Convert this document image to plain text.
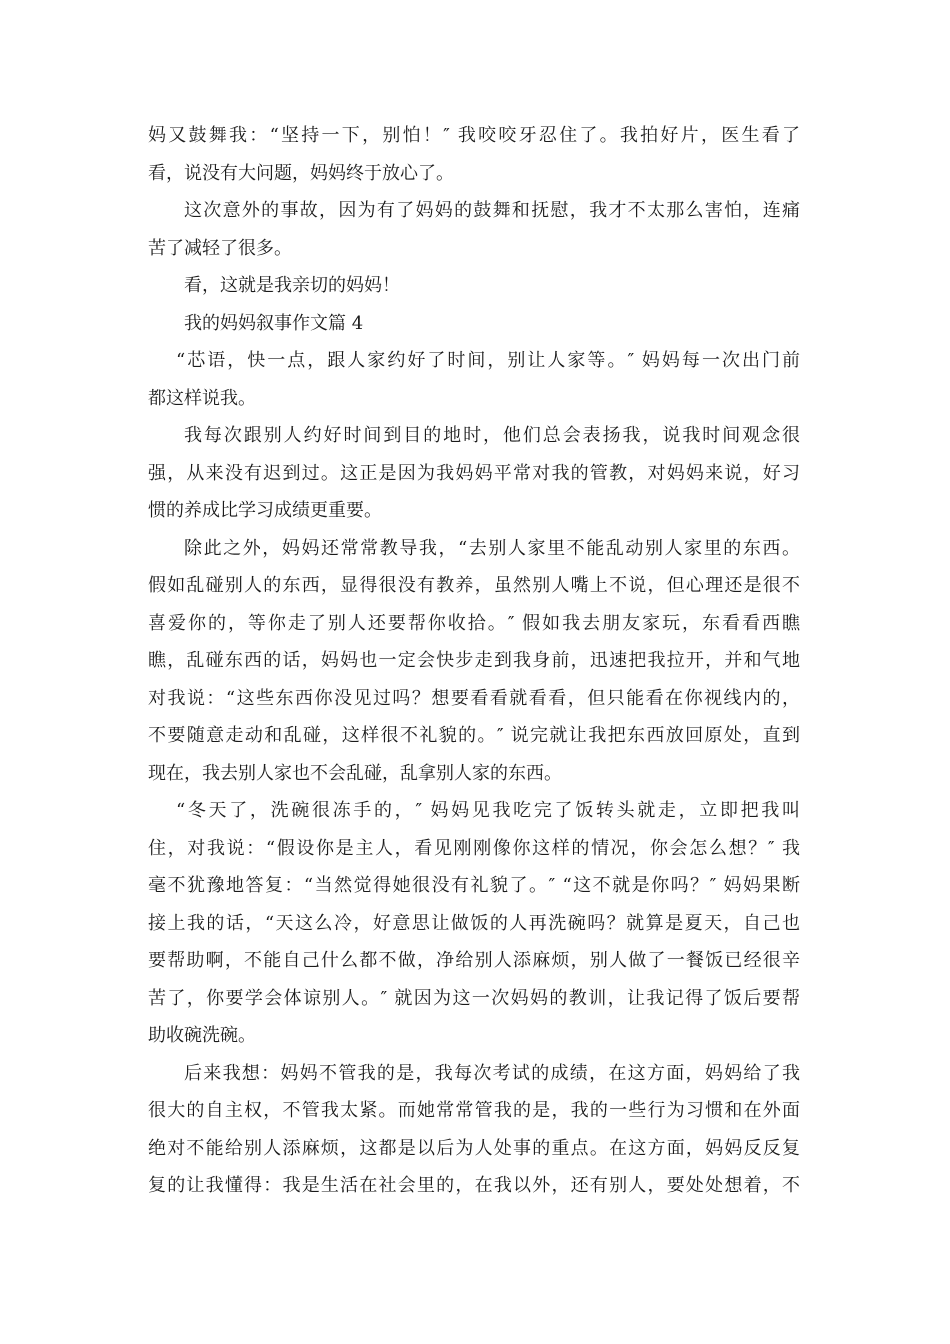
妈又鼓舞我：“坚持一下，别怕！″ 我咬咬牙忍住了。我拍好片，医生看了
看，说没有大问题，妈妈终于放心了。
这次意外的事故，因为有了妈妈的鼓舞和抚慰，我才不太那么害怕，连痛
苦了减轻了很多。
看，这就是我亲切的妈妈！
我的妈妈叙事作文篇 4
“芯语，快一点，跟人家约好了时间，别让人家等。″ 妈妈每一次出门前
都这样说我。
我每次跟别人约好时间到目的地时，他们总会表扬我，说我时间观念很
强，从来没有迟到过。这正是因为我妈妈平常对我的管教，对妈妈来说，好习
惯的养成比学习成绩更重要。
除此之外，妈妈还常常教导我，“去别人家里不能乱动别人家里的东西。
假如乱碰别人的东西，显得很没有教养，虽然别人嘴上不说，但心理还是很不
喜爱你的，等你走了别人还要帮你收拾。″ 假如我去朋友家玩，东看看西瞧
瞧，乱碰东西的话，妈妈也一定会快步走到我身前，迅速把我拉开，并和气地
对我说：“这些东西你没见过吗？想要看看就看看，但只能看在你视线内的，
不要随意走动和乱碰，这样很不礼貌的。″ 说完就让我把东西放回原处，直到
现在，我去别人家也不会乱碰，乱拿别人家的东西。
“冬天了，洗碗很冻手的，″ 妈妈见我吃完了饭转头就走，立即把我叫
住，对我说：“假设你是主人，看见刚刚像你这样的情况，你会怎么想？″ 我
毫不犹豫地答复：“当然觉得她很没有礼貌了。″ “这不就是你吗？″ 妈妈果断
接上我的话，“天这么冷，好意思让做饭的人再洗碗吗？就算是夏天，自己也
要帮助啊，不能自己什么都不做，净给别人添麻烦，别人做了一餐饭已经很辛
苦了，你要学会体谅别人。″ 就因为这一次妈妈的教训，让我记得了饭后要帮
助收碗洗碗。
后来我想：妈妈不管我的是，我每次考试的成绩，在这方面，妈妈给了我
很大的自主权，不管我太紧。而她常常管我的是，我的一些行为习惯和在外面
绝对不能给别人添麻烦，这都是以后为人处事的重点。在这方面，妈妈反反复
复的让我懂得：我是生活在社会里的，在我以外，还有别人，要处处想着，不
